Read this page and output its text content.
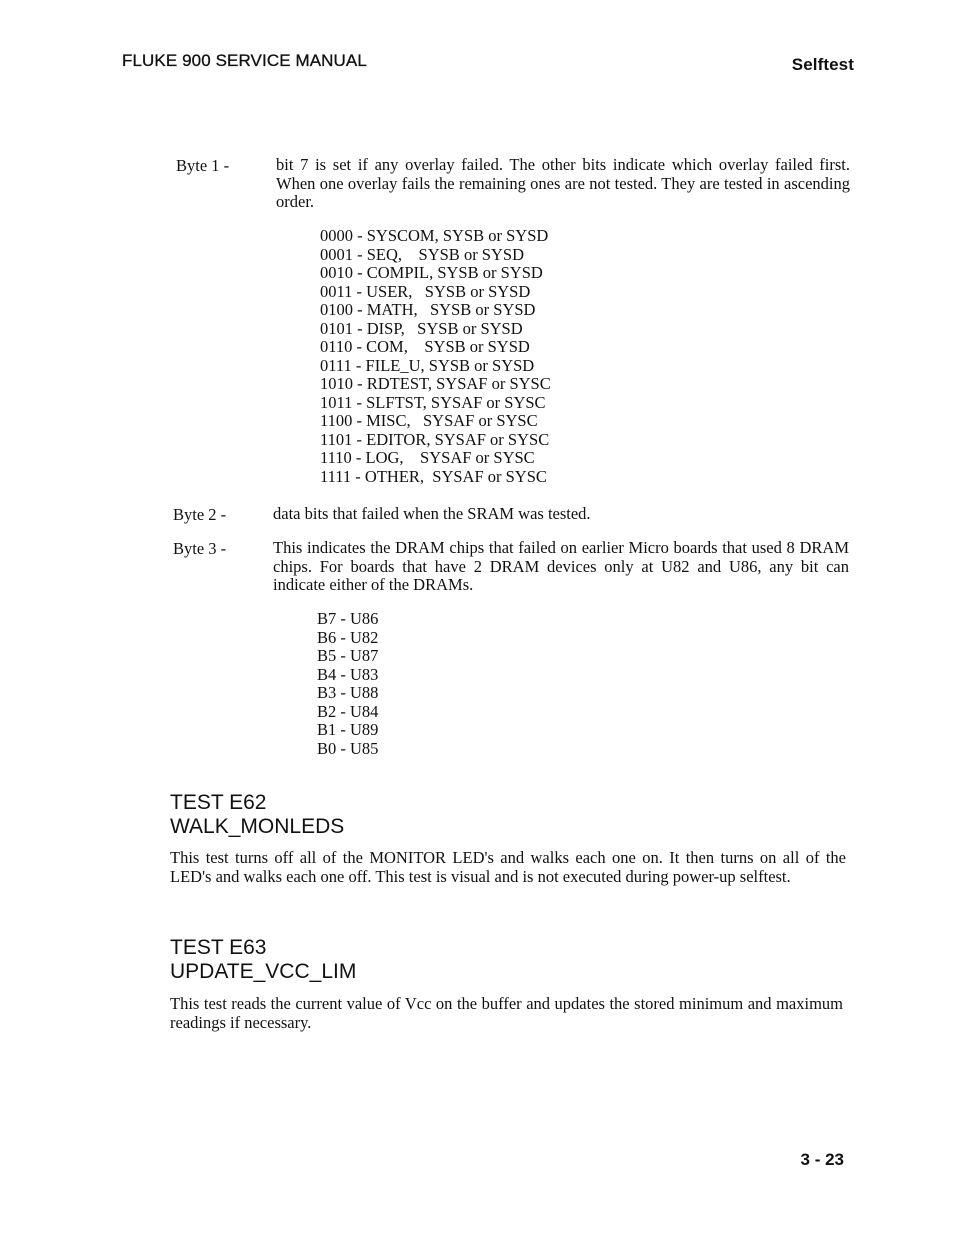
FLUKE 900 SERVICE MANUAL	Selftest
Byte 1 -	bit 7 is set if any overlay failed. The other bits indicate which overlay failed first. When one overlay fails the remaining ones are not tested. They are tested in ascending order.
0000 - SYSCOM, SYSB or SYSD
0001 - SEQ,    SYSB or SYSD
0010 - COMPIL, SYSB or SYSD
0011 - USER,   SYSB or SYSD
0100 - MATH,   SYSB or SYSD
0101 - DISP,   SYSB or SYSD
0110 - COM,    SYSB or SYSD
0111 - FILE_U, SYSB or SYSD
1010 - RDTEST, SYSAF or SYSC
1011 - SLFTST, SYSAF or SYSC
1100 - MISC,   SYSAF or SYSC
1101 - EDITOR, SYSAF or SYSC
1110 - LOG,    SYSAF or SYSC
1111 - OTHER,  SYSAF or SYSC
Byte 2 -	data bits that failed when the SRAM was tested.
Byte 3 -	This indicates the DRAM chips that failed on earlier Micro boards that used 8 DRAM chips. For boards that have 2 DRAM devices only at U82 and U86, any bit can indicate either of the DRAMs.
B7 - U86
B6 - U82
B5 - U87
B4 - U83
B3 - U88
B2 - U84
B1 - U89
B0 - U85
TEST E62
WALK_MONLEDS
This test turns off all of the MONITOR LED's and walks each one on. It then turns on all of the LED's and walks each one off. This test is visual and is not executed during power-up selftest.
TEST E63
UPDATE_VCC_LIM
This test reads the current value of Vcc on the buffer and updates the stored minimum and maximum readings if necessary.
3 - 23
